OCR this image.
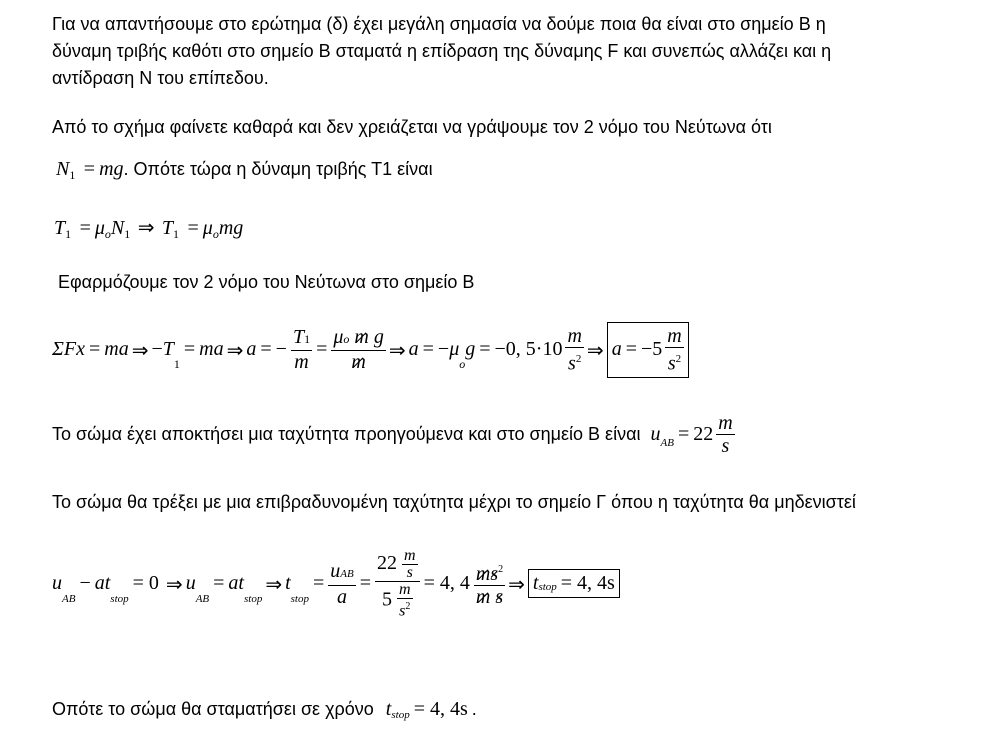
Για να απαντήσουμε στο ερώτημα (δ) έχει μεγάλη σημασία να δούμε ποια θα είναι στο σημείο Β η
δύναμη τριβής καθότι στο σημείο Β σταματά η επίδραση της δύναμης F και συνεπώς αλλάζει και η
αντίδραση Ν του επίπεδου.
Από το σχήμα φαίνετε καθαρά και δεν χρειάζεται να γράψουμε τον 2 νόμο του Νεύτωνα ότι
$N_1$ = mg. Οπότε τώρα η δύναμη τριβής Τ1 είναι
$T_1 = \mu_oN_1$ ⇒ $T_1 = \mu_omg$
Εφαρμόζουμε τον 2 νόμο του Νεύτωνα στο σημείο Β
ΣFx = ma ⇒ − T
1
= ma ⇒ a = − $\frac{T1}{m} = \frac{\text{μo m g}}{m}$ ⇒ a = − μ
o
g = −0, $5\cdot 10 \frac{m}{s^2}$ ⇒ $a = -5 \frac{m}{s^2}$
Το σώμα έχει αποκτήσει μια ταχύτητα προηγούμενα και στο σημείο Β είναι u AB = $22 \frac{m}{s}$
Το σώμα θα τρέξει με μια επιβραδυνομένη ταχύτητα μέχρι το σημείο Γ όπου η ταχύτητα θα μηδενιστεί
u
AB
− at
stop
= 0 ⇒ u
AB
= at
stop
⇒ t
stop
= $\frac{\text{uAB}}{a} = \frac{22 \frac{m}{s}}{5 \frac{m}{s^2}} = 4$, $4 \frac{ms^2}{\text{m s}}$ ⇒ t stop = 4, 4s
Οπότε το σώμα θα σταματήσει σε χρόνο t stop = 4, 4s .
